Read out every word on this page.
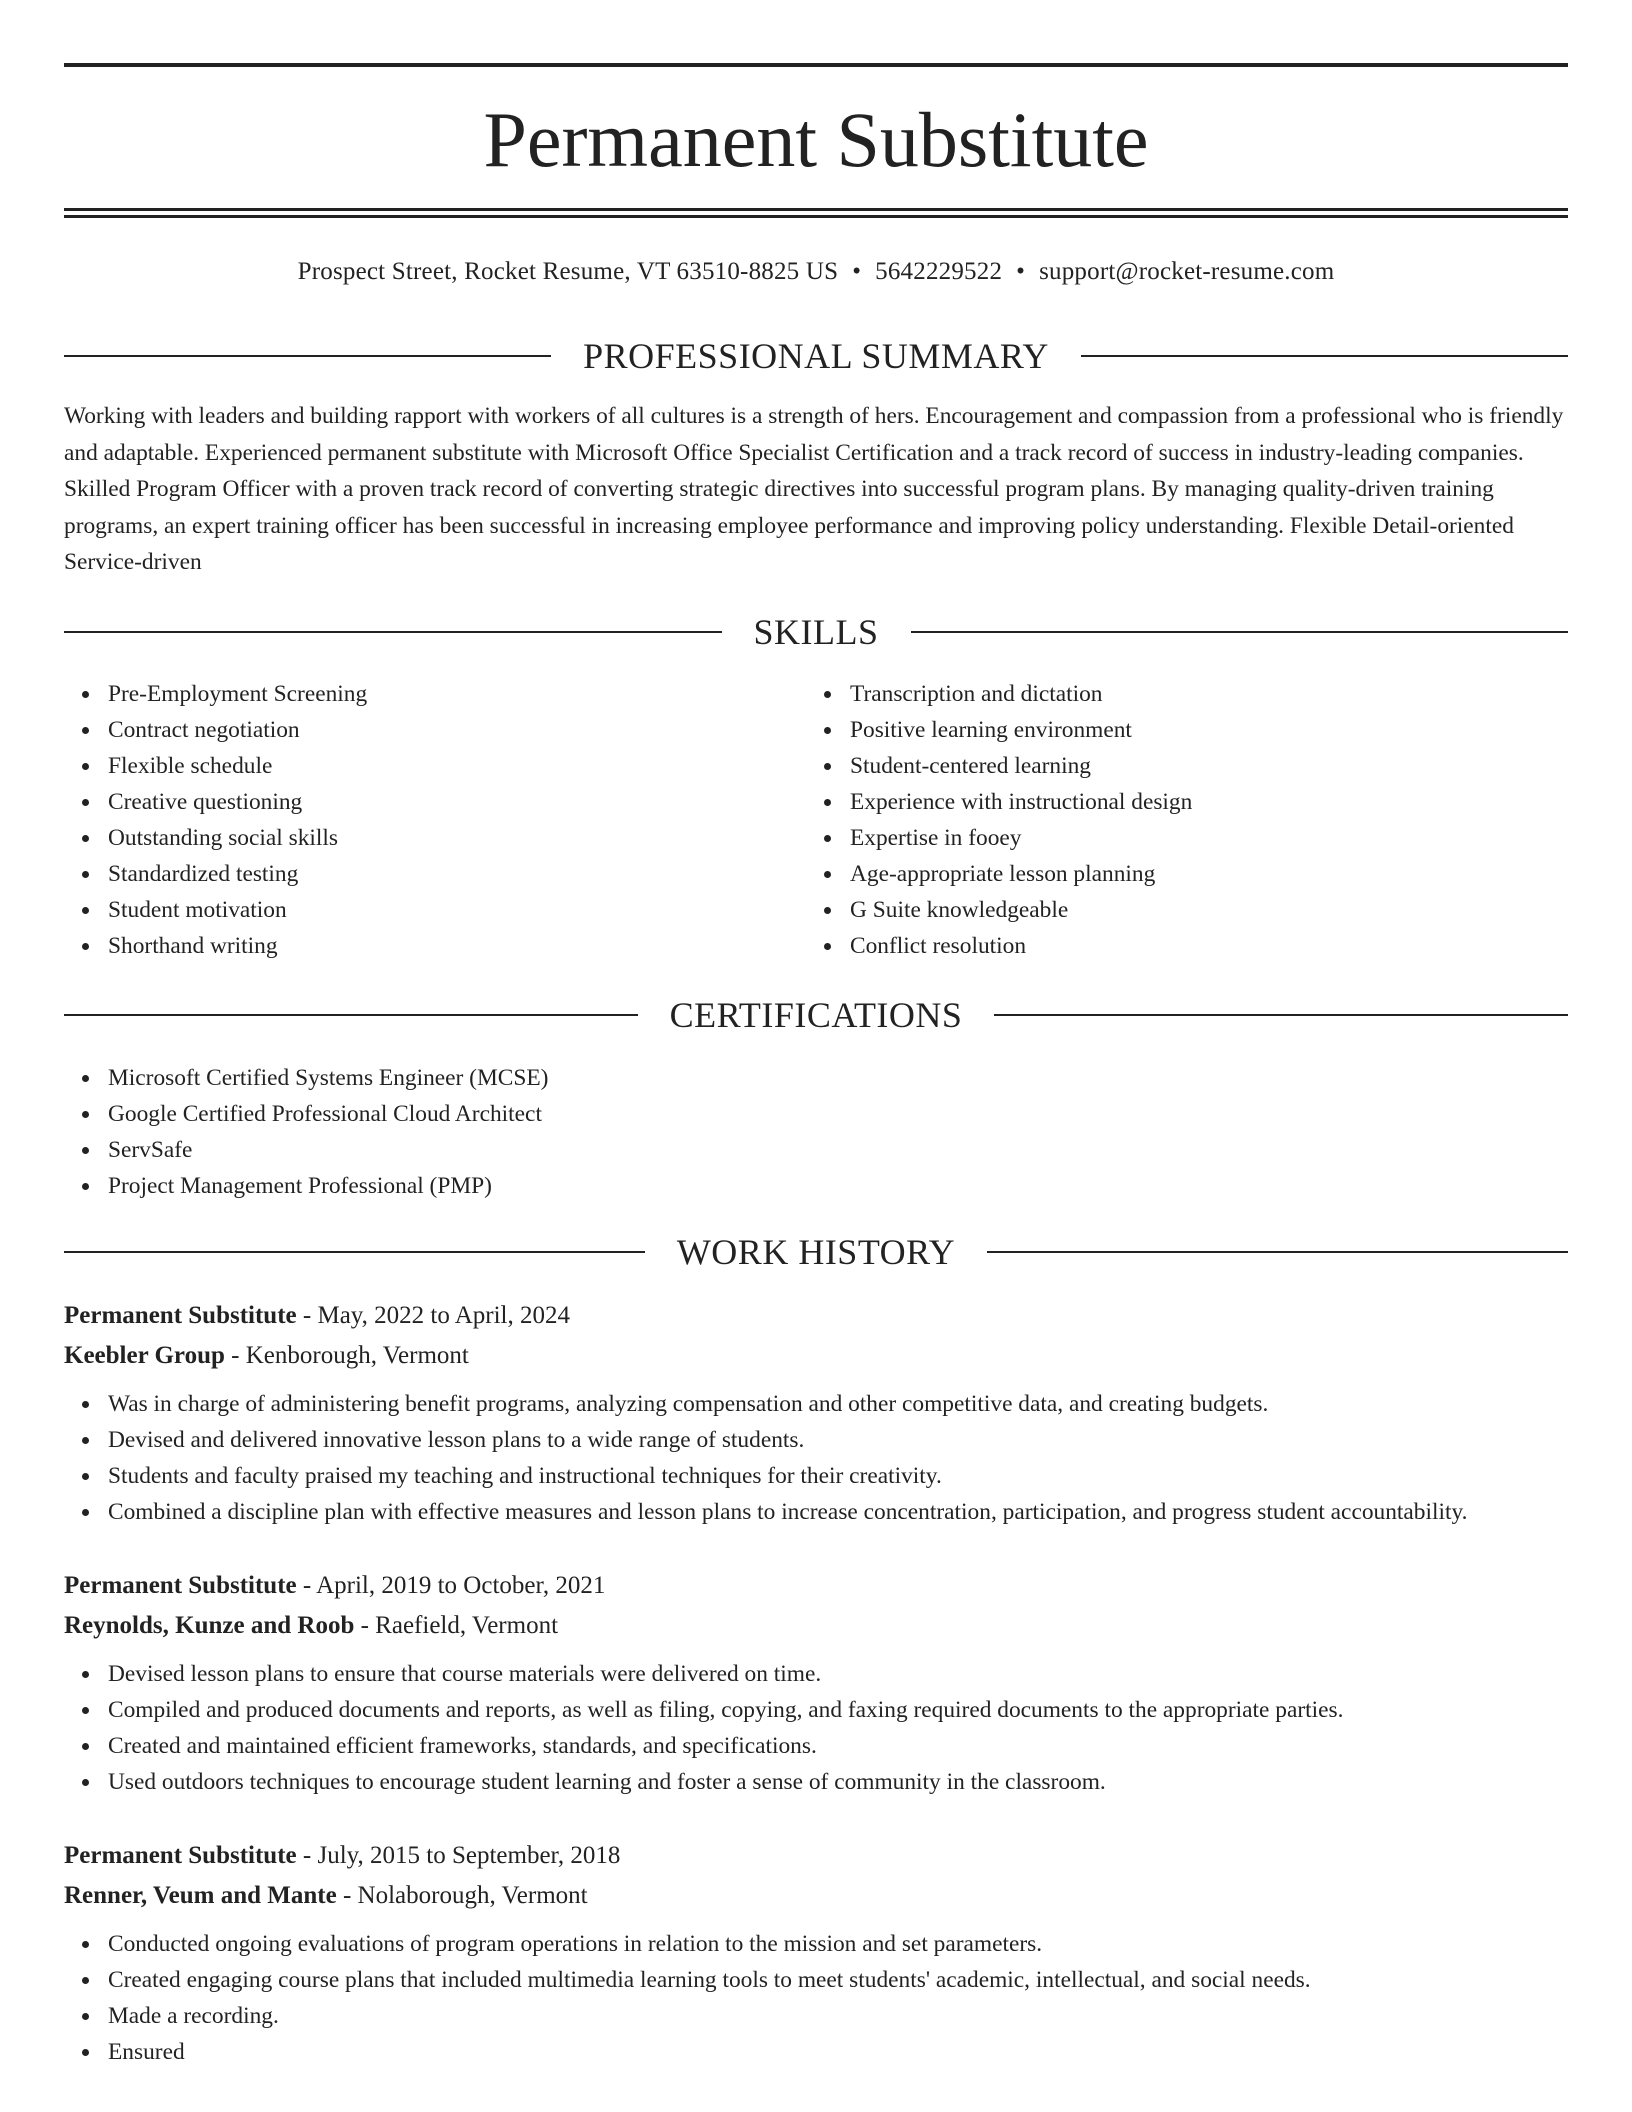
Permanent Substitute
Prospect Street, Rocket Resume, VT 63510-8825 US • 5642229522 • support@rocket-resume.com
PROFESSIONAL SUMMARY

Working with leaders and building rapport with workers of all cultures is a strength of hers. Encouragement and compassion from a professional who is friendly and adaptable. Experienced permanent substitute with Microsoft Office Specialist Certification and a track record of success in industry-leading companies. Skilled Program Officer with a proven track record of converting strategic directives into successful program plans. By managing quality-driven training programs, an expert training officer has been successful in increasing employee performance and improving policy understanding. Flexible Detail-oriented Service-driven

SKILLS
Pre-Employment Screening
Contract negotiation
Flexible schedule
Creative questioning
Outstanding social skills
Standardized testing
Student motivation
Shorthand writing
Transcription and dictation
Positive learning environment
Student-centered learning
Experience with instructional design
Expertise in fooey
Age-appropriate lesson planning
G Suite knowledgeable
Conflict resolution
CERTIFICATIONS
Microsoft Certified Systems Engineer (MCSE)
Google Certified Professional Cloud Architect
ServSafe
Project Management Professional (PMP)
WORK HISTORY
Permanent Substitute - May, 2022 to April, 2024
Keebler Group - Kenborough, Vermont
Was in charge of administering benefit programs, analyzing compensation and other competitive data, and creating budgets.
Devised and delivered innovative lesson plans to a wide range of students.
Students and faculty praised my teaching and instructional techniques for their creativity.
Combined a discipline plan with effective measures and lesson plans to increase concentration, participation, and progress student accountability.
Permanent Substitute - April, 2019 to October, 2021
Reynolds, Kunze and Roob - Raefield, Vermont
Devised lesson plans to ensure that course materials were delivered on time.
Compiled and produced documents and reports, as well as filing, copying, and faxing required documents to the appropriate parties.
Created and maintained efficient frameworks, standards, and specifications.
Used outdoors techniques to encourage student learning and foster a sense of community in the classroom.
Permanent Substitute - July, 2015 to September, 2018
Renner, Veum and Mante - Nolaborough, Vermont
Conducted ongoing evaluations of program operations in relation to the mission and set parameters.
Created engaging course plans that included multimedia learning tools to meet students' academic, intellectual, and social needs.
Made a recording.
Ensured
